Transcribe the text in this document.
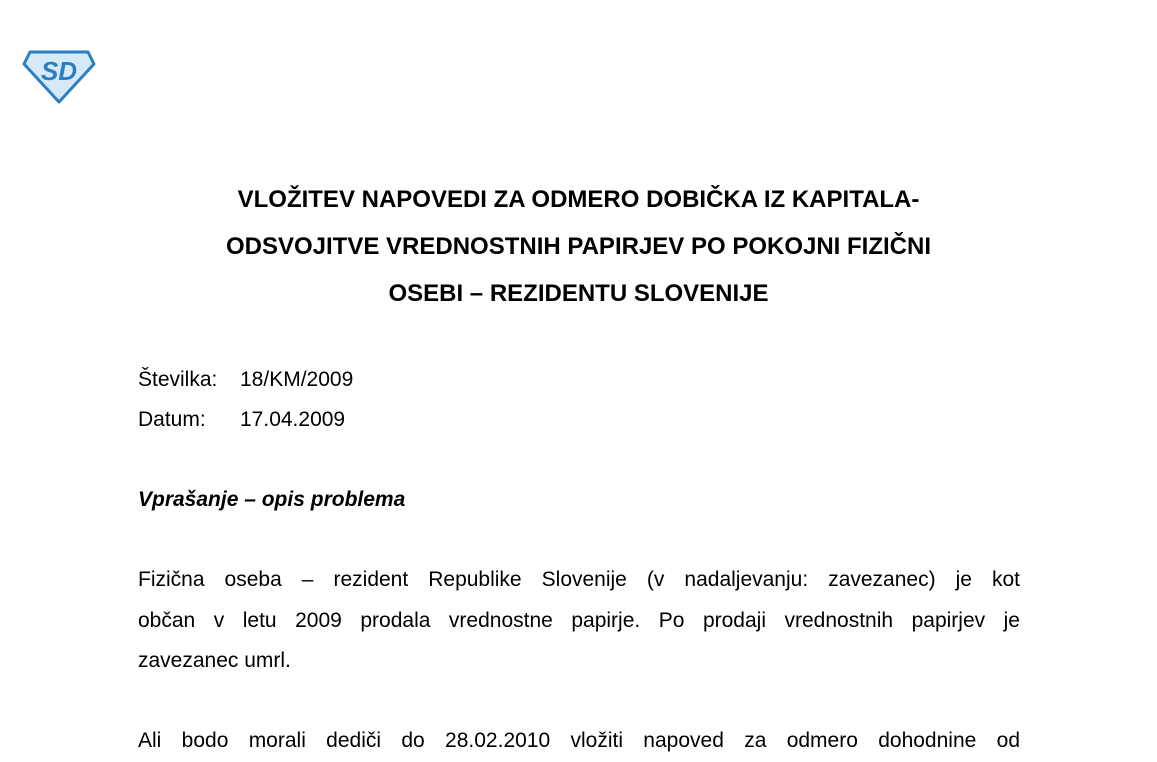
SD
VLOŽITEV NAPOVEDI ZA ODMERO DOBIČKA IZ KAPITALA-
ODSVOJITVE VREDNOSTNIH PAPIRJEV PO POKOJNI FIZIČNI
OSEBI – REZIDENTU SLOVENIJE
Številka:	18/KM/2009
Datum:	17.04.2009
Vprašanje – opis problema

Fizična oseba – rezident Republike Slovenije (v nadaljevanju: zavezanec) je kot
občan v letu 2009 prodala vrednostne papirje. Po prodaji vrednostnih papirjev je
zavezanec umrl.

Ali bodo morali dediči do 28.02.2010 vložiti napoved za odmero dohodnine od
